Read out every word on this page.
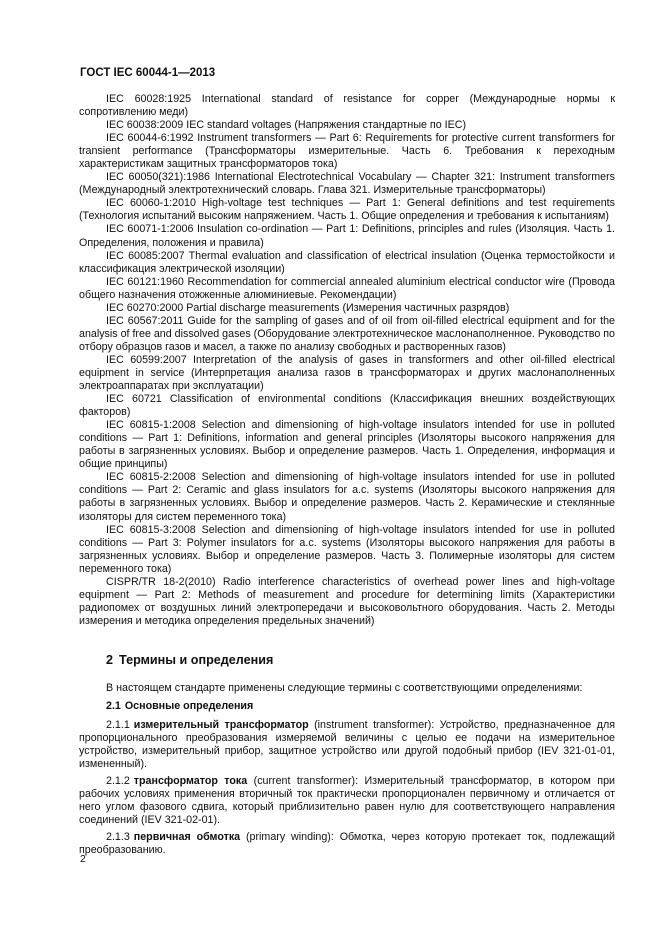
ГОСТ IEC 60044-1—2013

IEC 60028:1925 International standard of resistance for copper (Международные нормы к сопротивлению меди)

IEC 60038:2009 IEC standard voltages (Напряжения стандартные по IEC)

IEC 60044-6:1992 Instrument transformers — Part 6: Requirements for protective current transformers for transient performance (Трансформаторы измерительные. Часть 6. Требования к переходным характеристикам защитных трансформаторов тока)

IEC 60050(321):1986 International Electrotechnical Vocabulary — Chapter 321: Instrument transformers (Международный электротехнический словарь. Глава 321. Измерительные трансформаторы)

IEC 60060-1:2010 High-voltage test techniques — Part 1: General definitions and test requirements (Технология испытаний высоким напряжением. Часть 1. Общие определения и требования к испытаниям)

IEC 60071-1:2006 Insulation co-ordination — Part 1: Definitions, principles and rules (Изоляция. Часть 1. Определения, положения и правила)

IEC 60085:2007 Thermal evaluation and classification of electrical insulation (Оценка термостойкости и классификация электрической изоляции)

IEC 60121:1960 Recommendation for commercial annealed aluminium electrical conductor wire (Провода общего назначения отожженные алюминиевые. Рекомендации)

IEC 60270:2000 Partial discharge measurements (Измерения частичных разрядов)

IEC 60567:2011 Guide for the sampling of gases and of oil from oil-filled electrical equipment and for the analysis of free and dissolved gases (Оборудование электротехническое маслонаполненное. Руководство по отбору образцов газов и масел, а также по анализу свободных и растворенных газов)

IEC 60599:2007 Interpretation of the analysis of gases in transformers and other oil-filled electrical equipment in service (Интерпретация анализа газов в трансформаторах и других маслонаполненных электроаппаратах при эксплуатации)

IEC 60721 Classification of environmental conditions (Классификация внешних воздействующих факторов)

IEC 60815-1:2008 Selection and dimensioning of high-voltage insulators intended for use in polluted conditions — Part 1: Definitions, information and general principles (Изоляторы высокого напряжения для работы в загрязненных условиях. Выбор и определение размеров. Часть 1. Определения, информация и общие принципы)

IEC 60815-2:2008 Selection and dimensioning of high-voltage insulators intended for use in polluted conditions — Part 2: Ceramic and glass insulators for a.c. systems (Изоляторы высокого напряжения для работы в загрязненных условиях. Выбор и определение размеров. Часть 2. Керамические и стеклянные изоляторы для систем переменного тока)

IEC 60815-3:2008 Selection and dimensioning of high-voltage insulators intended for use in polluted conditions — Part 3: Polymer insulators for a.c. systems (Изоляторы высокого напряжения для работы в загрязненных условиях. Выбор и определение размеров. Часть 3. Полимерные изоляторы для систем переменного тока)

CISPR/TR 18-2(2010) Radio interference characteristics of overhead power lines and high-voltage equipment — Part 2: Methods of measurement and procedure for determining limits (Характеристики радиопомех от воздушных линий электропередачи и высоковольтного оборудования. Часть 2. Методы измерения и методика определения предельных значений)

2 Термины и определения

В настоящем стандарте применены следующие термины с соответствующими определениями:

2.1 Основные определения

2.1.1 измерительный трансформатор (instrument transformer): Устройство, предназначенное для пропорционального преобразования измеряемой величины с целью ее подачи на измерительное устройство, измерительный прибор, защитное устройство или другой подобный прибор (IEV 321-01-01, измененный).

2.1.2 трансформатор тока (current transformer): Измерительный трансформатор, в котором при рабочих условиях применения вторичный ток практически пропорционален первичному и отличается от него углом фазового сдвига, который приблизительно равен нулю для соответствующего направления соединений (IEV 321-02-01).

2.1.3 первичная обмотка (primary winding): Обмотка, через которую протекает ток, подлежащий преобразованию.

2
